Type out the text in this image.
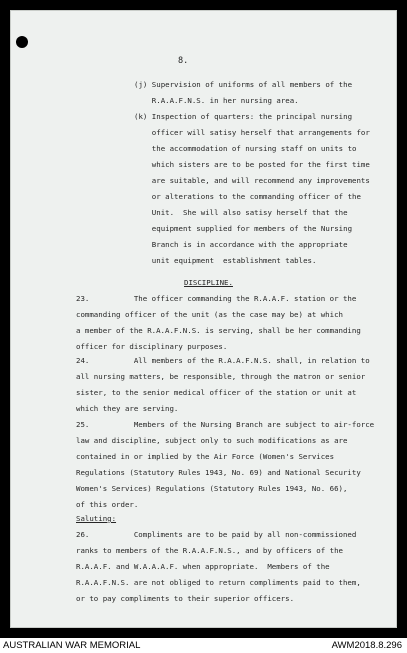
8.
(j) Supervision of uniforms of all members of the
R.A.A.F.N.S. in her nursing area.
(k) Inspection of quarters: the principal nursing
officer will satisy herself that arrangements for
the accommodation of nursing staff on units to
which sisters are to be posted for the first time
are suitable, and will recommend any improvements
or alterations to the commanding officer of the
Unit.  She will also satisy herself that the
equipment supplied for members of the Nursing
Branch is in accordance with the appropriate
unit equipment  establishment tables.
DISCIPLINE.
23.          The officer commanding the R.A.A.F. station or the
commanding officer of the unit (as the case may be) at which
a member of the R.A.A.F.N.S. is serving, shall be her commanding
officer for disciplinary purposes.
24.          All members of the R.A.A.F.N.S. shall, in relation to
all nursing matters, be responsible, through the matron or senior
sister, to the senior medical officer of the station or unit at
which they are serving.
25.          Members of the Nursing Branch are subject to air-force
law and discipline, subject only to such modifications as are
contained in or implied by the Air Force (Women's Services
Regulations (Statutory Rules 1943, No. 69) and National Security
Women's Services) Regulations (Statutory Rules 1943, No. 66),
of this order.
Saluting:
26.          Compliments are to be paid by all non-commissioned
ranks to members of the R.A.A.F.N.S., and by officers of the
R.A.A.F. and W.A.A.A.F. when appropriate.  Members of the
R.A.A.F.N.S. are not obliged to return compliments paid to them,
or to pay compliments to their superior officers.
AUSTRALIAN WAR MEMORIAL	AWM2018.8.296
